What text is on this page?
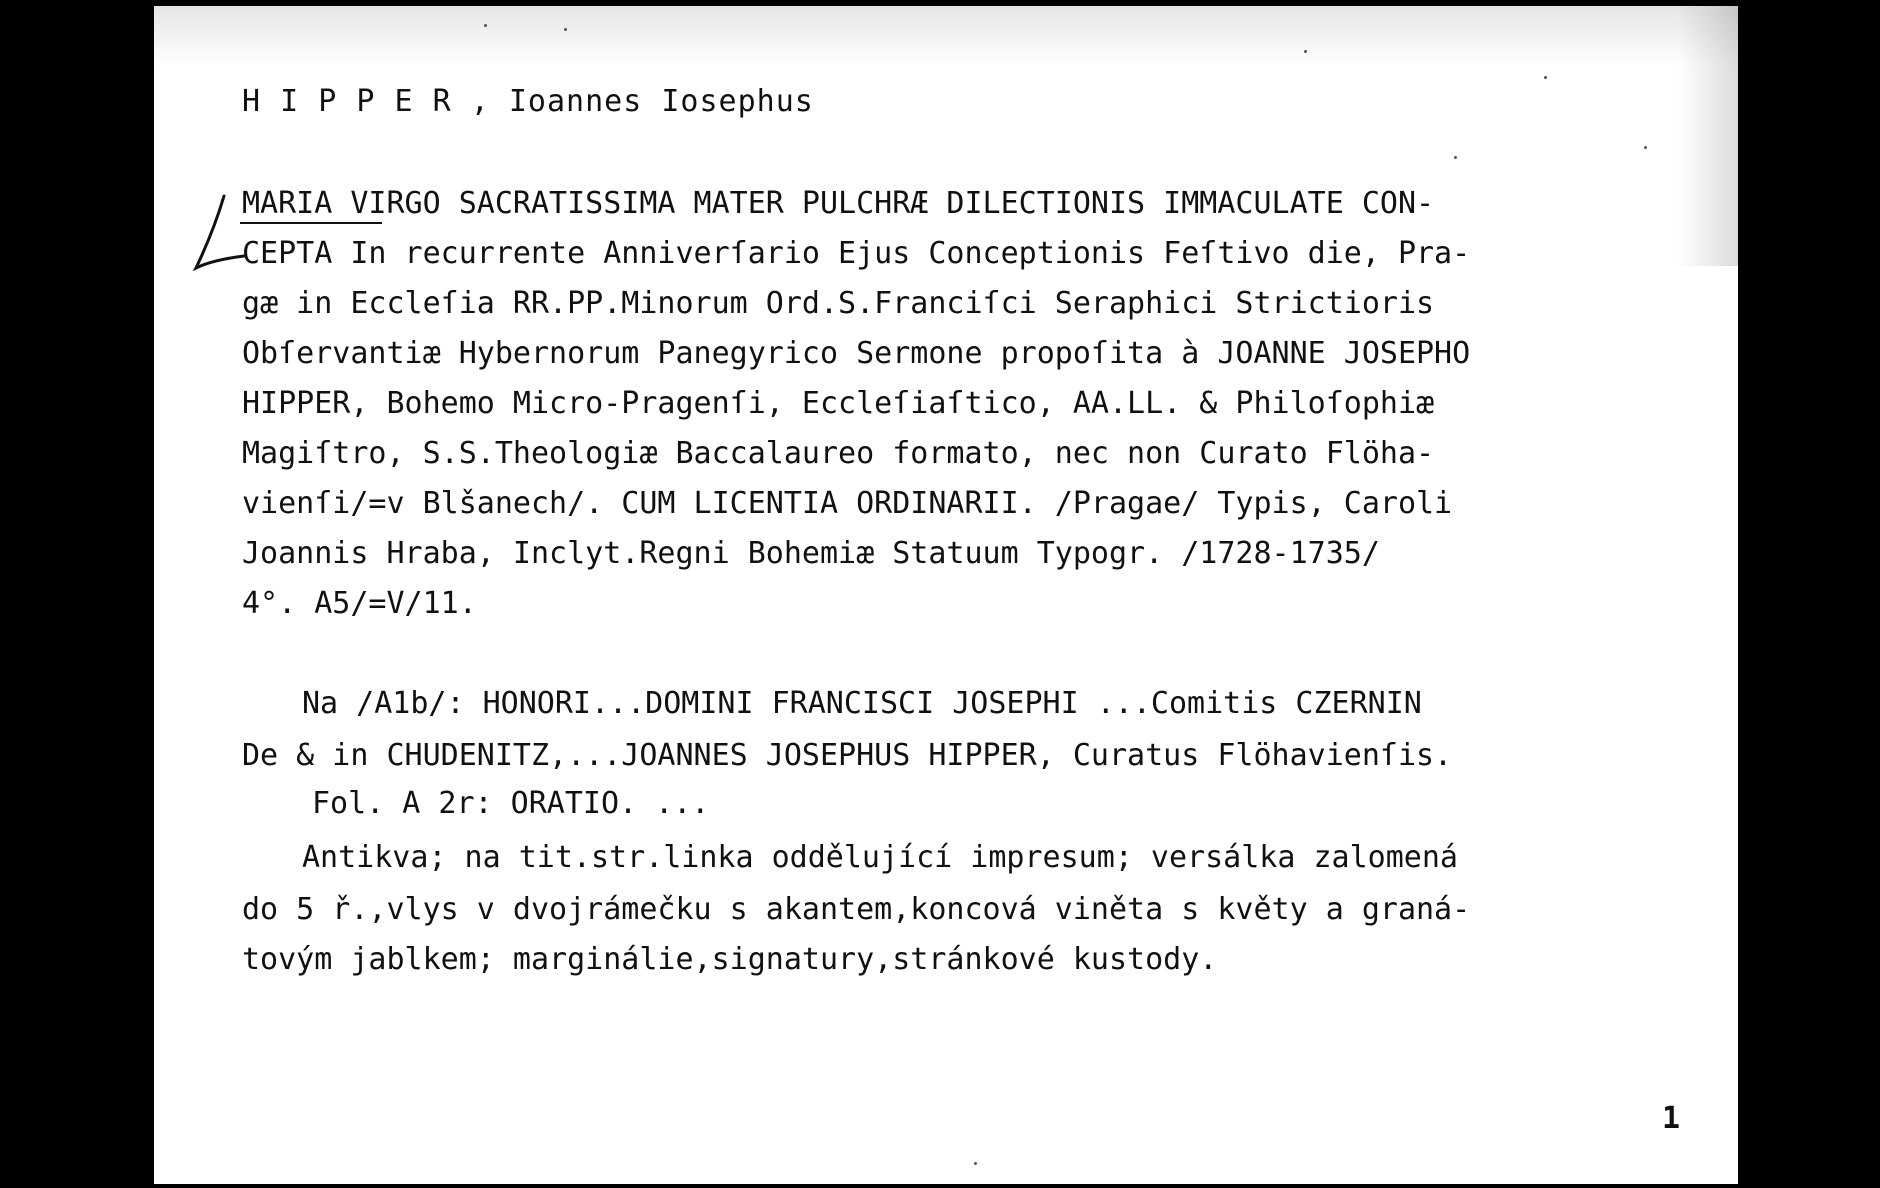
H I P P E R , Ioannes Iosephus

MARIA VIRGO SACRATISSIMA MATER PULCHRÆ DILECTIONIS IMMACULATE CON-

CEPTA In recurrente Anniverſario Ejus Conceptionis Feſtivo die, Pra-

gæ in Eccleſia RR.PP.Minorum Ord.S.Franciſci Seraphici Strictioris

Obſervantiæ Hybernorum Panegyrico Sermone propoſita à JOANNE JOSEPHO

HIPPER, Bohemo Micro-Pragenſi, Eccleſiaſtico, AA.LL. & Philoſophiæ

Magiſtro, S.S.Theologiæ Baccalaureo formato, nec non Curato Flöha-

vienſi/=v Blšanech/. CUM LICENTIA ORDINARII. /Pragae/ Typis, Caroli

Joannis Hraba, Inclyt.Regni Bohemiæ Statuum Typogr. /1728-1735/

4°. A5/=V/11.

Na /A1b/: HONORI...DOMINI FRANCISCI JOSEPHI ...Comitis CZERNIN

De & in CHUDENITZ,...JOANNES JOSEPHUS HIPPER, Curatus Flöhavienſis.

Fol. A 2r: ORATIO. ...

Antikva; na tit.str.linka oddělující impresum; versálka zalomená

do 5 ř.,vlys v dvojrámečku s akantem,koncová viněta s květy a graná-

tovým jablkem; marginálie,signatury,stránkové kustody.

1
